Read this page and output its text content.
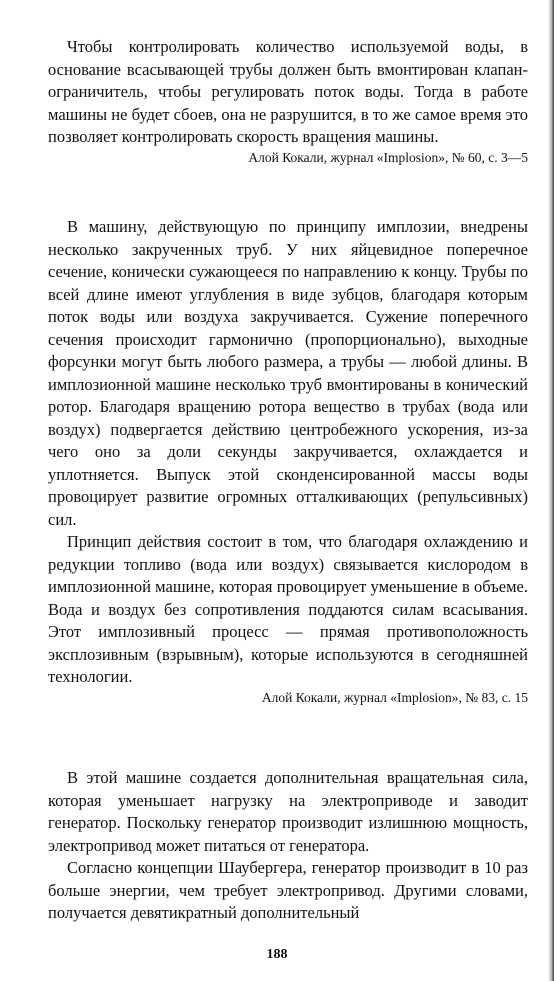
Чтобы контролировать количество используемой воды, в основание всасывающей трубы должен быть вмонтирован клапан-ограничитель, чтобы регулировать поток воды. Тогда в работе машины не будет сбоев, она не разрушится, в то же самое время это позволяет контролировать скорость вращения машины.

Алой Кокали, журнал «Implosion», № 60, с. 3—5

В машину, действующую по принципу имплозии, внедрены несколько закрученных труб. У них яйцевидное поперечное сечение, конически сужающееся по направлению к концу. Трубы по всей длине имеют углубления в виде зубцов, благодаря которым поток воды или воздуха закручивается. Сужение поперечного сечения происходит гармонично (пропорционально), выходные форсунки могут быть любого размера, а трубы — любой длины. В имплозионной машине несколько труб вмонтированы в конический ротор. Благодаря вращению ротора вещество в трубах (вода или воздух) подвергается действию центробежного ускорения, из-за чего оно за доли секунды закручивается, охлаждается и уплотняется. Выпуск этой сконденсированной массы воды провоцирует развитие огромных отталкивающих (репульсивных) сил.

Принцип действия состоит в том, что благодаря охлаждению и редукции топливо (вода или воздух) связывается кислородом в имплозионной машине, которая провоцирует уменьшение в объеме. Вода и воздух без сопротивления поддаются силам всасывания. Этот имплозивный процесс — прямая противоположность эксплозивным (взрывным), которые используются в сегодняшней технологии.

Алой Кокали, журнал «Implosion», № 83, с. 15

В этой машине создается дополнительная вращательная сила, которая уменьшает нагрузку на электроприводе и заводит генератор. Поскольку генератор производит излишнюю мощность, электропривод может питаться от генератора.

Согласно концепции Шаубергера, генератор производит в 10 раз больше энергии, чем требует электропривод. Другими словами, получается девятикратный дополнительный

188
